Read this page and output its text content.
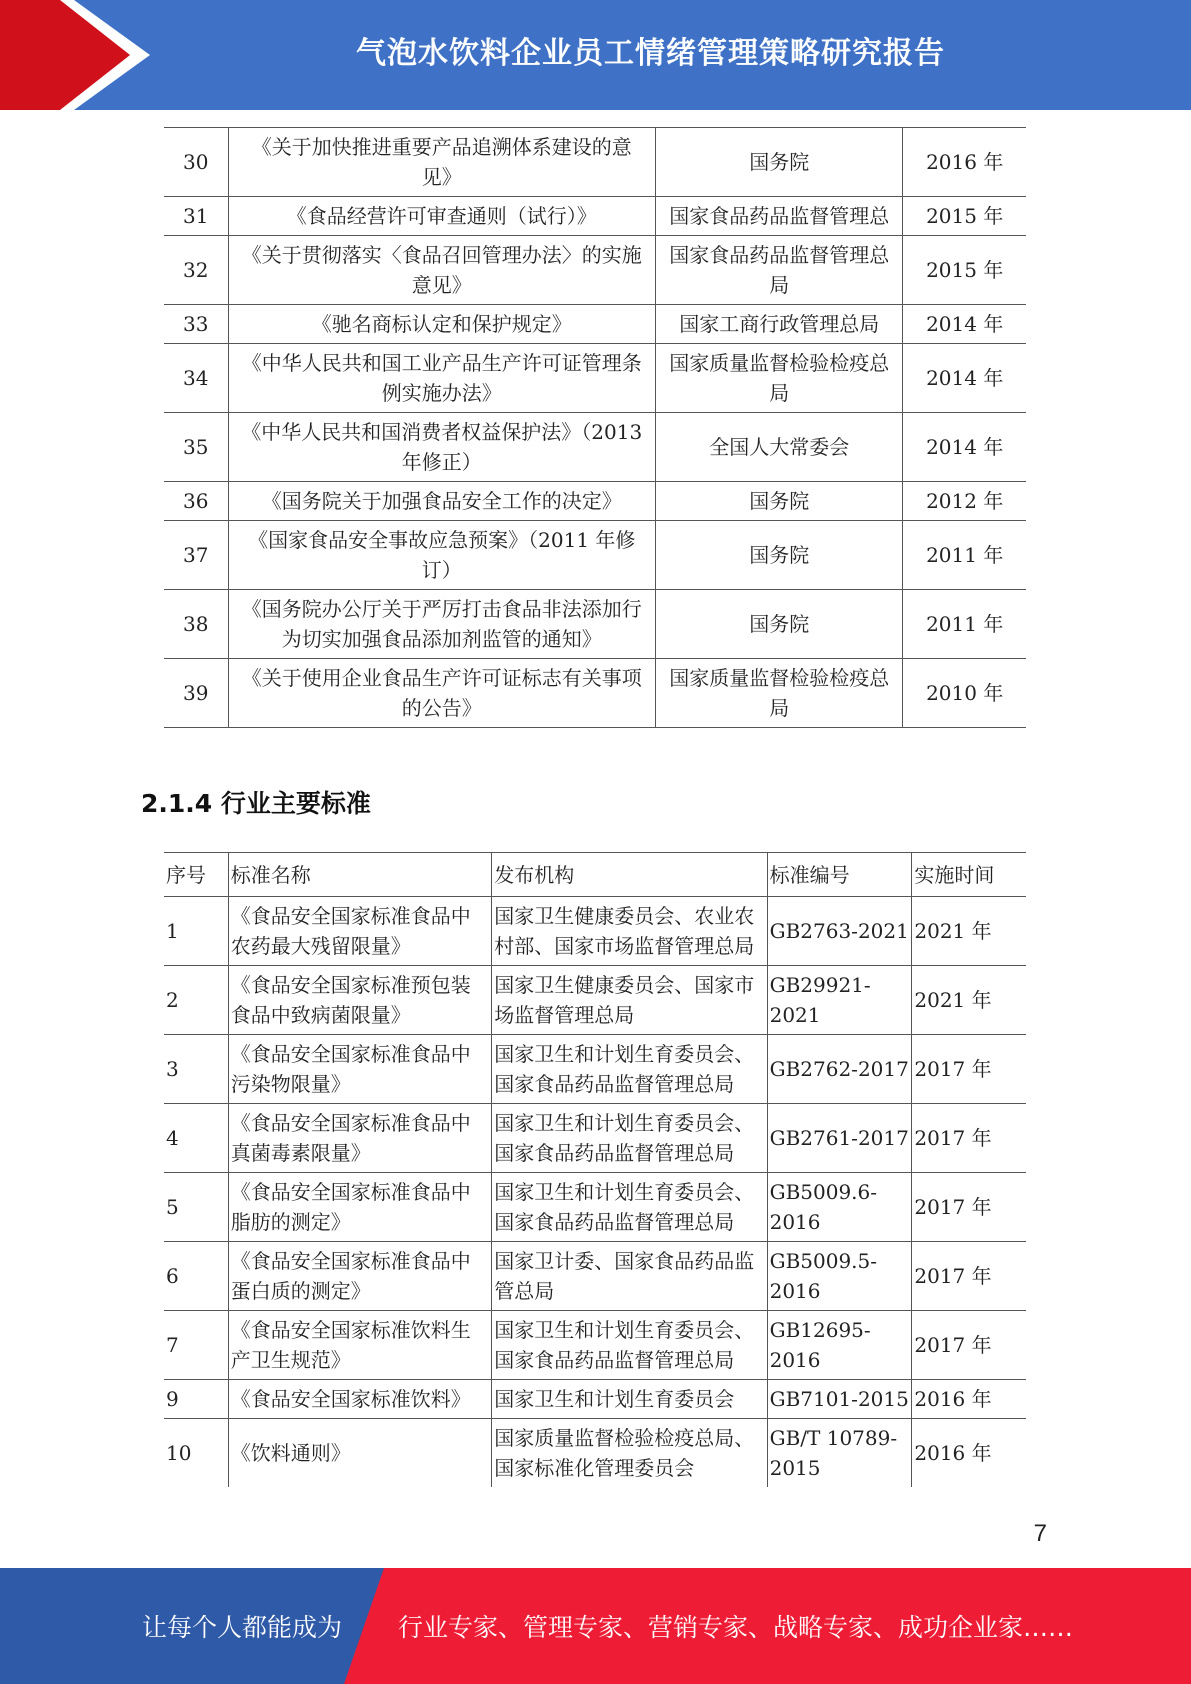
气泡水饮料企业员工情绪管理策略研究报告
30	《关于加快推进重要产品追溯体系建设的意见》	国务院	2016 年
31	《食品经营许可审查通则（试行）》	国家食品药品监督管理总	2015 年
32	《关于贯彻落实〈食品召回管理办法〉的实施意见》	国家食品药品监督管理总局	2015 年
33	《驰名商标认定和保护规定》	国家工商行政管理总局	2014 年
34	《中华人民共和国工业产品生产许可证管理条例实施办法》	国家质量监督检验检疫总局	2014 年
35	《中华人民共和国消费者权益保护法》（2013 年修正）	全国人大常委会	2014 年
36	《国务院关于加强食品安全工作的决定》	国务院	2012 年
37	《国家食品安全事故应急预案》（2011 年修订）	国务院	2011 年
38	《国务院办公厅关于严厉打击食品非法添加行为切实加强食品添加剂监管的通知》	国务院	2011 年
39	《关于使用企业食品生产许可证标志有关事项的公告》	国家质量监督检验检疫总局	2010 年
2.1.4 行业主要标准
序号	标准名称	发布机构	标准编号	实施时间
1	《食品安全国家标准食品中农药最大残留限量》	国家卫生健康委员会、农业农村部、国家市场监督管理总局	GB2763-2021	2021 年
2	《食品安全国家标准预包装食品中致病菌限量》	国家卫生健康委员会、国家市场监督管理总局	GB29921-2021	2021 年
3	《食品安全国家标准食品中污染物限量》	国家卫生和计划生育委员会、国家食品药品监督管理总局	GB2762-2017	2017 年
4	《食品安全国家标准食品中真菌毒素限量》	国家卫生和计划生育委员会、国家食品药品监督管理总局	GB2761-2017	2017 年
5	《食品安全国家标准食品中脂肪的测定》	国家卫生和计划生育委员会、国家食品药品监督管理总局	GB5009.6-2016	2017 年
6	《食品安全国家标准食品中蛋白质的测定》	国家卫计委、国家食品药品监管总局	GB5009.5-2016	2017 年
7	《食品安全国家标准饮料生产卫生规范》	国家卫生和计划生育委员会、国家食品药品监督管理总局	GB12695-2016	2017 年
9	《食品安全国家标准饮料》	国家卫生和计划生育委员会	GB7101-2015	2016 年
10	《饮料通则》	国家质量监督检验检疫总局、国家标准化管理委员会	GB/T 10789-2015	2016 年
7
让每个人都能成为 行业专家、管理专家、营销专家、战略专家、成功企业家……
